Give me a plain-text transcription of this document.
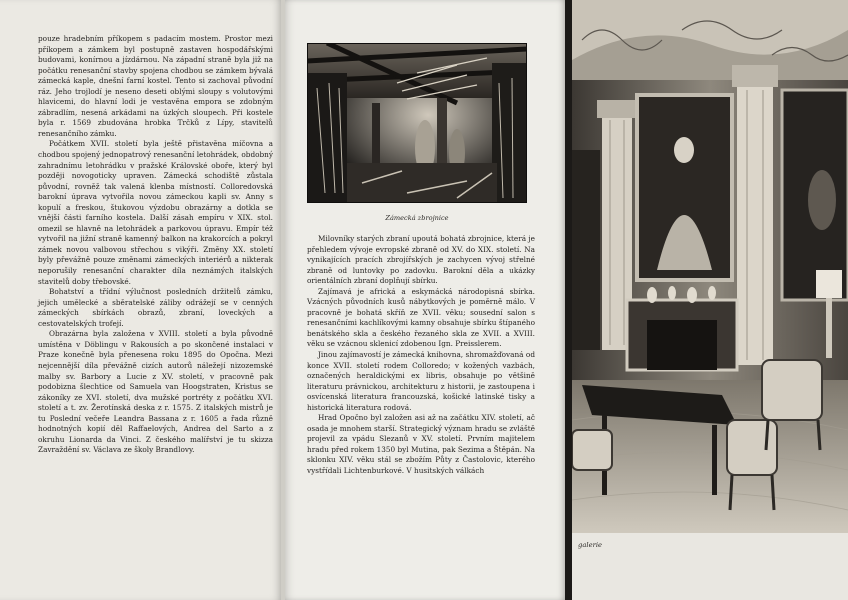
pouze hradebním příkopem s padacím mostem. Prostor mezi příkopem a zámkem byl postupně zastaven hospodářskými budovami, konírnou a jízdárnou. Na západní straně byla již na počátku renesanční stavby spojena chodbou se zámkem bývalá zámecká kaple, dnešní farní kostel. Tento si zachoval původní ráz. Jeho trojlodí je neseno deseti oblými sloupy s volutovými hlavicemi, do hlavní lodi je vestavěna empora se zdobným zábradlím, nesená arkádami na úzkých sloupech. Při kostele byla r. 1569 zbudována hrobka Trčků z Lípy, stavitelů renesančního zámku.

Počátkem XVII. století byla ještě přistavěna míčovna a chodbou spojený jednopatrový renesanční letohrádek, obdobný zahradnímu letohrádku v pražské Královské oboře, který byl později novogoticky upraven. Zámecká schodiště zůstala původní, rovněž tak valená klenba místností. Colloredovská barokní úprava vytvořila novou zámeckou kapli sv. Anny s kopulí a freskou, štukovou výzdobu obrazárny a dotkla se vnější části farního kostela. Další zásah empíru v XIX. stol. omezil se hlavně na letohrádek a parkovou úpravu. Empír též vytvořil na jižní straně kamenný balkon na krakorcích a pokryl zámek novou valbovou střechou s vikýři. Změny XX. století byly převážně pouze změnami zámeckých interiérů a nikterak neporušily renesanční charakter díla neznámých italských stavitelů doby třebovské.

Bohatství a třídní výlučnost posledních držitelů zámku, jejich umělecké a sběratelské záliby odrážejí se v cenných zámeckých sbírkách obrazů, zbraní, loveckých a cestovatelských trofejí.

Obrazárna byla založena v XVIII. století a byla původně umístěna v Döblingu v Rakousích a po skončené instalaci v Praze konečně byla přenesena roku 1895 do Opočna. Mezi nejcennější díla převážně cizích autorů náležejí nizozemské malby sv. Barbory a Lucie z XV. století, v pracovně pak podobizna šlechtice od Samuela van Hoogstraten, Kristus se zákoníky ze XVI. století, dva mužské portréty z počátku XVI. století a t. zv. Žerotínská deska z r. 1575. Z italských mistrů je tu Poslední večeře Leandra Bassana z r. 1605 a řada různě hodnotných kopií děl Raffaelových, Andrea del Sarto a z okruhu Lionarda da Vinci. Z českého malířství je tu skizza Zavraždění sv. Václava ze školy Brandlovy.

Zámecká zbrojnice

Milovníky starých zbraní upoutá bohatá zbrojnice, která je přehledem vývoje evropské zbraně od XV. do XIX. století. Na vynikajících pracích zbrojířských je zachycen vývoj střelné zbraně od luntovky po zadovku. Barokní děla a ukázky orientálních zbraní doplňují sbírku.

Zajímavá je africká a eskymácká národopisná sbírka. Vzácných původních kusů nábytkových je poměrně málo. V pracovně je bohatá skříň ze XVII. věku; sousední salon s renesančními kachlíkovými kamny obsahuje sbírku štípaného benátského skla a českého řezaného skla ze XVII. a XVIII. věku se vzácnou sklenicí zdobenou Ign. Preisslerem.

Jinou zajímavostí je zámecká knihovna, shromažďovaná od konce XVII. století rodem Colloredo; v kožených vazbách, označených heraldickými ex libris, obsahuje po většině literaturu právnickou, architekturu z historii, je zastoupena i osvícenská literatura francouzská, košické latinské tisky a historická literatura rodová.

Hrad Opočno byl založen asi až na začátku XIV. století, ač osada je mnohem starší. Strategický význam hradu se zvláště projevil za vpádu Slezanů v XV. století. Prvním majitelem hradu před rokem 1350 byl Mutina, pak Sezima a Štěpán. Na sklonku XIV. věku stál se zbožím Půty z Častolovic, kterého vystřídali Lichtenburkové. V husitských válkách

galerie
